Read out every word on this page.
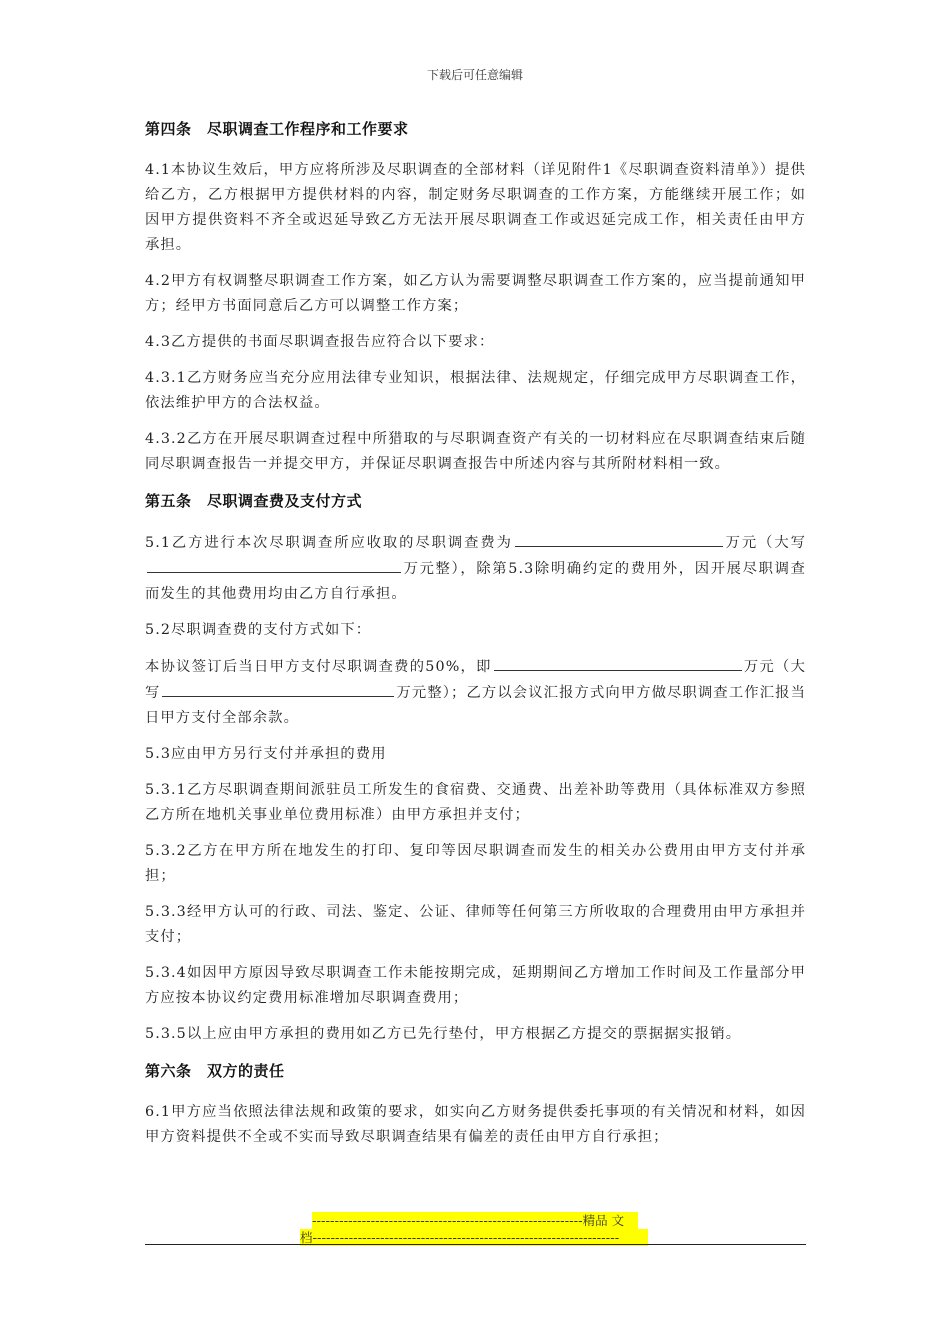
下载后可任意编辑
第四条　尽职调查工作程序和工作要求
4.1本协议生效后，甲方应将所涉及尽职调查的全部材料（详见附件1《尽职调查资料清单》）提供给乙方，乙方根据甲方提供材料的内容，制定财务尽职调查的工作方案，方能继续开展工作；如因甲方提供资料不齐全或迟延导致乙方无法开展尽职调查工作或迟延完成工作，相关责任由甲方承担。
4.2甲方有权调整尽职调查工作方案，如乙方认为需要调整尽职调查工作方案的，应当提前通知甲方；经甲方书面同意后乙方可以调整工作方案；
4.3乙方提供的书面尽职调查报告应符合以下要求：
4.3.1乙方财务应当充分应用法律专业知识，根据法律、法规规定，仔细完成甲方尽职调查工作，依法维护甲方的合法权益。
4.3.2乙方在开展尽职调查过程中所猎取的与尽职调查资产有关的一切材料应在尽职调查结束后随同尽职调查报告一并提交甲方，并保证尽职调查报告中所述内容与其所附材料相一致。
第五条　尽职调查费及支付方式
5.1乙方进行本次尽职调查所应收取的尽职调查费为	万元（大写万元整），除第5.3除明确约定的费用外，因开展尽职调查而发生的其他费用均由乙方自行承担。
5.2尽职调查费的支付方式如下：
本协议签订后当日甲方支付尽职调查费的50%，即	万元（大写	万元整）；乙方以会议汇报方式向甲方做尽职调查工作汇报当日甲方支付全部余款。
5.3应由甲方另行支付并承担的费用
5.3.1乙方尽职调查期间派驻员工所发生的食宿费、交通费、出差补助等费用（具体标准双方参照乙方所在地机关事业单位费用标准）由甲方承担并支付；
5.3.2乙方在甲方所在地发生的打印、复印等因尽职调查而发生的相关办公费用由甲方支付并承担；
5.3.3经甲方认可的行政、司法、鉴定、公证、律师等任何第三方所收取的合理费用由甲方承担并支付；
5.3.4如因甲方原因导致尽职调查工作未能按期完成，延期期间乙方增加工作时间及工作量部分甲方应按本协议约定费用标准增加尽职调查费用；
5.3.5以上应由甲方承担的费用如乙方已先行垫付，甲方根据乙方提交的票据据实报销。
第六条　双方的责任
6.1甲方应当依照法律法规和政策的要求，如实向乙方财务提供委托事项的有关情况和材料，如因甲方资料提供不全或不实而导致尽职调查结果有偏差的责任由甲方自行承担；
------------------------------------------------------------精品 文
档--------------------------------------------------------------------
